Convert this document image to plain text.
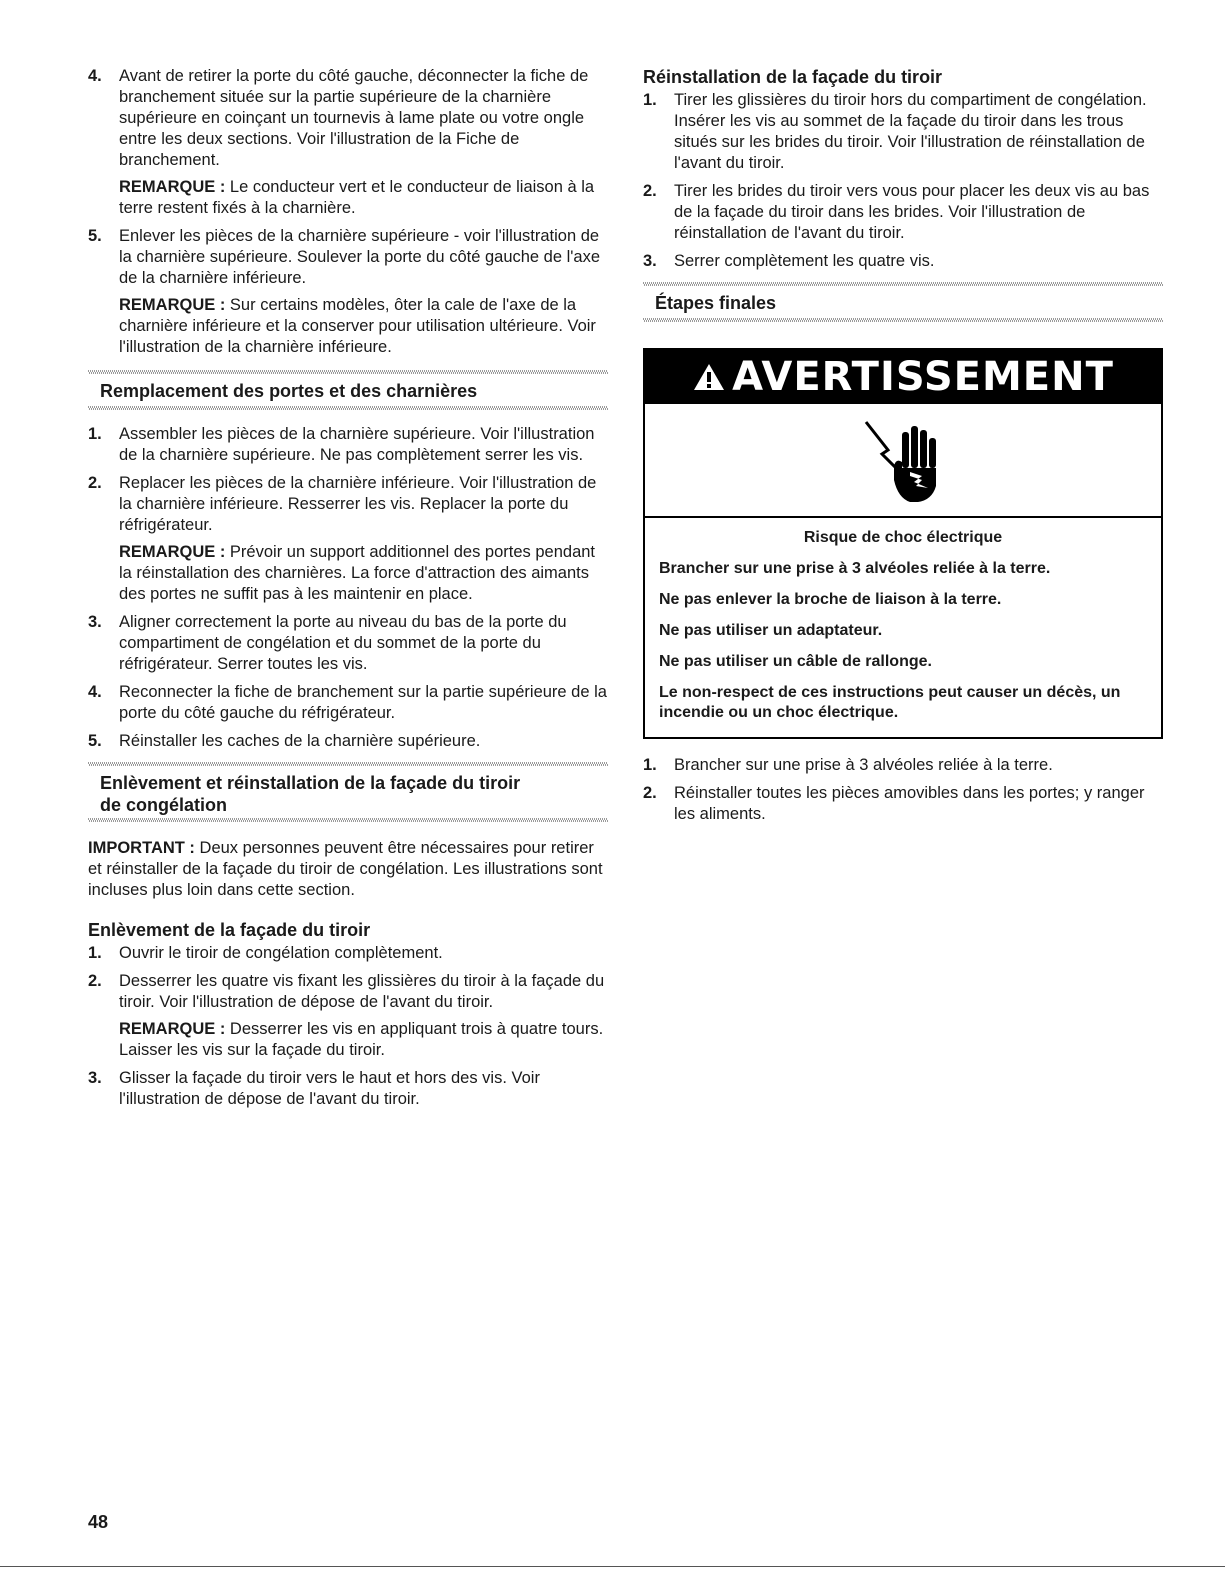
4. Avant de retirer la porte du côté gauche, déconnecter la fiche de branchement située sur la partie supérieure de la charnière supérieure en coinçant un tournevis à lame plate ou votre ongle entre les deux sections. Voir l'illustration de la Fiche de branchement.

REMARQUE : Le conducteur vert et le conducteur de liaison à la terre restent fixés à la charnière.

5. Enlever les pièces de la charnière supérieure - voir l'illustration de la charnière supérieure. Soulever la porte du côté gauche de l'axe de la charnière inférieure.

REMARQUE : Sur certains modèles, ôter la cale de l'axe de la charnière inférieure et la conserver pour utilisation ultérieure. Voir l'illustration de la charnière inférieure.

Remplacement des portes et des charnières
1. Assembler les pièces de la charnière supérieure. Voir l'illustration de la charnière supérieure. Ne pas complètement serrer les vis.

2. Replacer les pièces de la charnière inférieure. Voir l'illustration de la charnière inférieure. Resserrer les vis. Replacer la porte du réfrigérateur.

REMARQUE : Prévoir un support additionnel des portes pendant la réinstallation des charnières. La force d'attraction des aimants des portes ne suffit pas à les maintenir en place.

3. Aligner correctement la porte au niveau du bas de la porte du compartiment de congélation et du sommet de la porte du réfrigérateur. Serrer toutes les vis.

4. Reconnecter la fiche de branchement sur la partie supérieure de la porte du côté gauche du réfrigérateur.

5. Réinstaller les caches de la charnière supérieure.

Enlèvement et réinstallation de la façade du tiroir
de congélation

IMPORTANT : Deux personnes peuvent être nécessaires pour retirer et réinstaller de la façade du tiroir de congélation. Les illustrations sont incluses plus loin dans cette section.

Enlèvement de la façade du tiroir
1. Ouvrir le tiroir de congélation complètement.

2. Desserrer les quatre vis fixant les glissières du tiroir à la façade du tiroir. Voir l'illustration de dépose de l'avant du tiroir.

REMARQUE : Desserrer les vis en appliquant trois à quatre tours. Laisser les vis sur la façade du tiroir.

3. Glisser la façade du tiroir vers le haut et hors des vis. Voir l'illustration de dépose de l'avant du tiroir.

Réinstallation de la façade du tiroir
1. Tirer les glissières du tiroir hors du compartiment de congélation. Insérer les vis au sommet de la façade du tiroir dans les trous situés sur les brides du tiroir. Voir l'illustration de réinstallation de l'avant du tiroir.

2. Tirer les brides du tiroir vers vous pour placer les deux vis au bas de la façade du tiroir dans les brides. Voir l'illustration de réinstallation de l'avant du tiroir.

3. Serrer complètement les quatre vis.

Étapes finales
AVERTISSEMENT

Risque de choc électrique

Brancher sur une prise à 3 alvéoles reliée à la terre.

Ne pas enlever la broche de liaison à la terre.

Ne pas utiliser un adaptateur.

Ne pas utiliser un câble de rallonge.

Le non-respect de ces instructions peut causer un décès, un incendie ou un choc électrique.

1. Brancher sur une prise à 3 alvéoles reliée à la terre.

2. Réinstaller toutes les pièces amovibles dans les portes; y ranger les aliments.

48
